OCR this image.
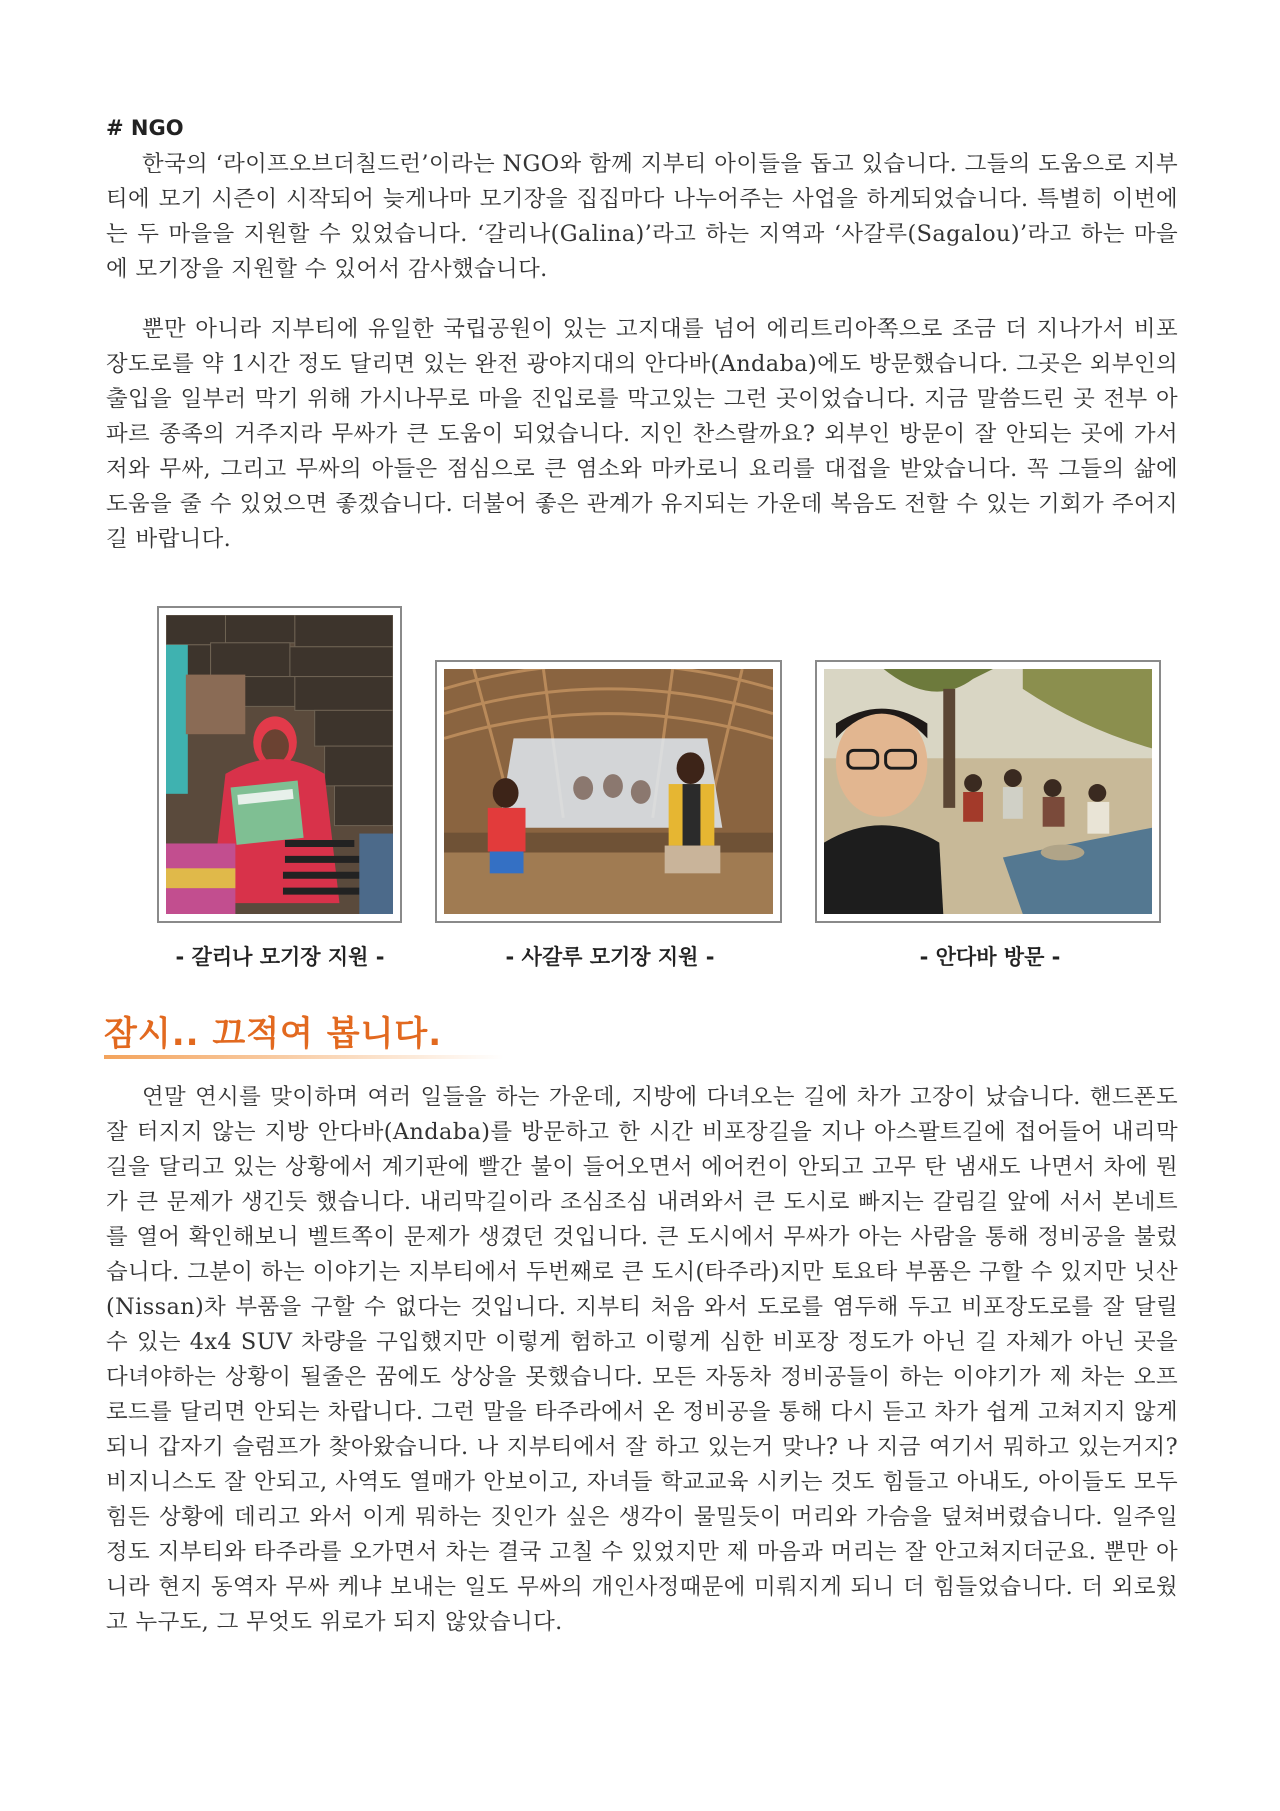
# NGO

한국의 ‘라이프오브더칠드런’이라는 NGO와 함께 지부티 아이들을 돕고 있습니다. 그들의 도움으로 지부티에 모기 시즌이 시작되어 늦게나마 모기장을 집집마다 나누어주는 사업을 하게되었습니다. 특별히 이번에는 두 마을을 지원할 수 있었습니다. ‘갈리나(Galina)’라고 하는 지역과 ‘사갈루(Sagalou)’라고 하는 마을에 모기장을 지원할 수 있어서 감사했습니다.

뿐만 아니라 지부티에 유일한 국립공원이 있는 고지대를 넘어 에리트리아쪽으로 조금 더 지나가서 비포장도로를 약 1시간 정도 달리면 있는 완전 광야지대의 안다바(Andaba)에도 방문했습니다. 그곳은 외부인의 출입을 일부러 막기 위해 가시나무로 마을 진입로를 막고있는 그런 곳이었습니다. 지금 말씀드린 곳 전부 아파르 종족의 거주지라 무싸가 큰 도움이 되었습니다. 지인 찬스랄까요? 외부인 방문이 잘 안되는 곳에 가서 저와 무싸, 그리고 무싸의 아들은 점심으로 큰 염소와 마카로니 요리를 대접을 받았습니다. 꼭 그들의 삶에 도움을 줄 수 있었으면 좋겠습니다. 더불어 좋은 관계가 유지되는 가운데 복음도 전할 수 있는 기회가 주어지길 바랍니다.

- 갈리나 모기장 지원 -	- 사갈루 모기장 지원 -	- 안다바 방문 -

잠시.. 끄적여 봅니다.

연말 연시를 맞이하며 여러 일들을 하는 가운데, 지방에 다녀오는 길에 차가 고장이 났습니다. 핸드폰도 잘 터지지 않는 지방 안다바(Andaba)를 방문하고 한 시간 비포장길을 지나 아스팔트길에 접어들어 내리막길을 달리고 있는 상황에서 계기판에 빨간 불이 들어오면서 에어컨이 안되고 고무 탄 냄새도 나면서 차에 뭔가 큰 문제가 생긴듯 했습니다. 내리막길이라 조심조심 내려와서 큰 도시로 빠지는 갈림길 앞에 서서 본네트를 열어 확인해보니 벨트쪽이 문제가 생겼던 것입니다. 큰 도시에서 무싸가 아는 사람을 통해 정비공을 불렀습니다. 그분이 하는 이야기는 지부티에서 두번째로 큰 도시(타주라)지만 토요타 부품은 구할 수 있지만 닛산(Nissan)차 부품을 구할 수 없다는 것입니다. 지부티 처음 와서 도로를 염두해 두고 비포장도로를 잘 달릴 수 있는 4x4 SUV 차량을 구입했지만 이렇게 험하고 이렇게 심한 비포장 정도가 아닌 길 자체가 아닌 곳을 다녀야하는 상황이 될줄은 꿈에도 상상을 못했습니다. 모든 자동차 정비공들이 하는 이야기가 제 차는 오프로드를 달리면 안되는 차랍니다. 그런 말을 타주라에서 온 정비공을 통해 다시 듣고 차가 쉽게 고쳐지지 않게 되니 갑자기 슬럼프가 찾아왔습니다. 나 지부티에서 잘 하고 있는거 맞나? 나 지금 여기서 뭐하고 있는거지? 비지니스도 잘 안되고, 사역도 열매가 안보이고, 자녀들 학교교육 시키는 것도 힘들고 아내도, 아이들도 모두 힘든 상황에 데리고 와서 이게 뭐하는 짓인가 싶은 생각이 물밀듯이 머리와 가슴을 덮쳐버렸습니다. 일주일 정도 지부티와 타주라를 오가면서 차는 결국 고칠 수 있었지만 제 마음과 머리는 잘 안고쳐지더군요. 뿐만 아니라 현지 동역자 무싸 케냐 보내는 일도 무싸의 개인사정때문에 미뤄지게 되니 더 힘들었습니다. 더 외로웠고 누구도, 그 무엇도 위로가 되지 않았습니다.
